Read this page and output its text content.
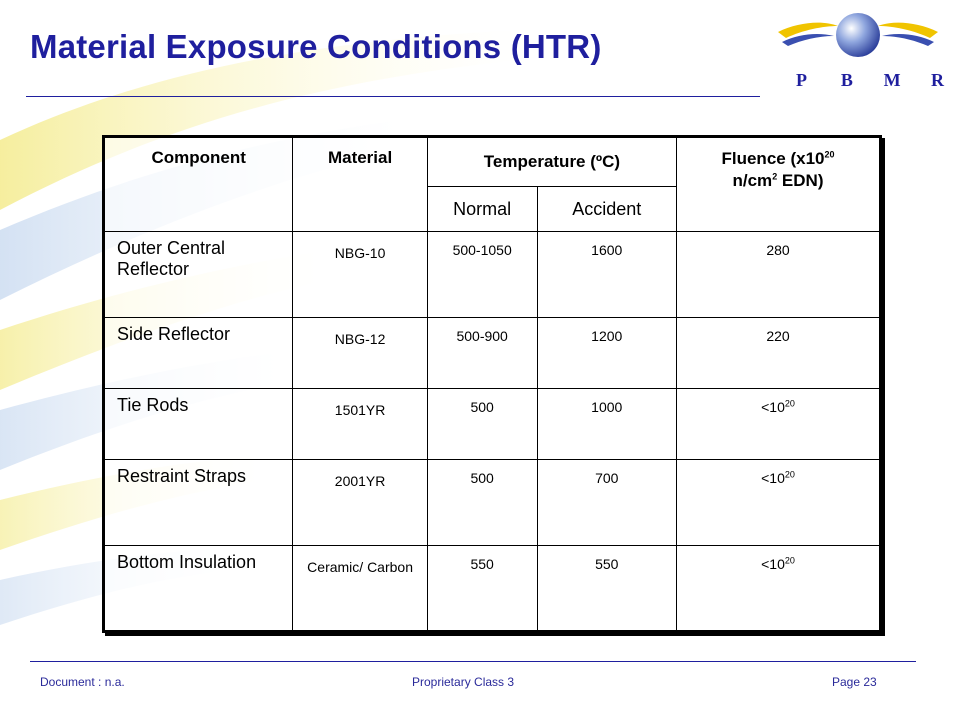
Material Exposure Conditions (HTR)
P	B	M R
Component	Material	Temperature (ºC)		Fluence ($x10^{20}$
$n/cm^2$ EDN)
		Normal	Accident	
Outer Central Reflector	NBG-10	500-1050	1600	280
Side Reflector	NBG-12	500-900	1200	220
Tie Rods	1501YR	500	1000	$<10^{20}$
Restraint Straps	2001YR	500	700	$<10^{20}$
Bottom Insulation	Ceramic/ Carbon	550	550	$<10^{20}$
Document : n.a.	Proprietary Class 3	Page 23
